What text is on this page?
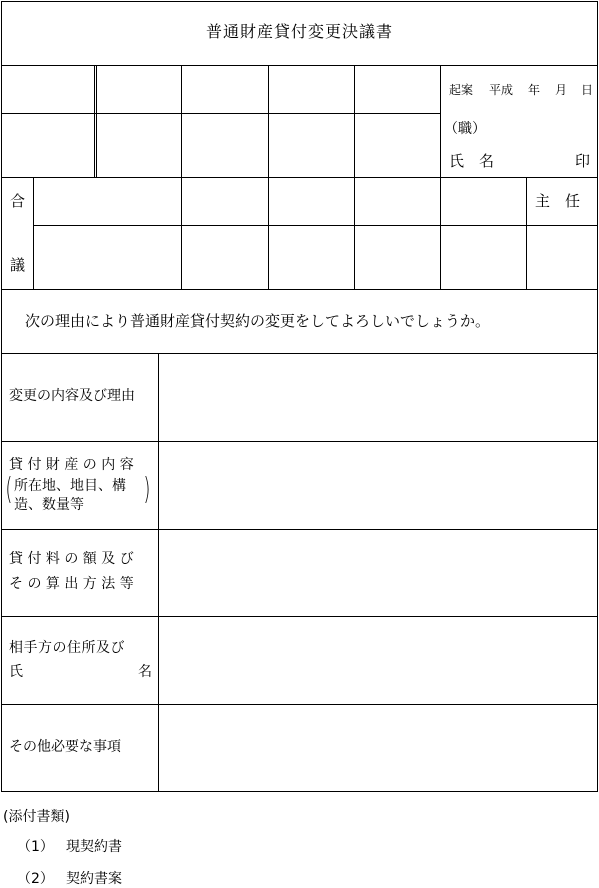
普通財産貸付変更決議書
起案 平成 年 月 日
（職）
氏　名	印
合
議
主　任
次の理由により普通財産貸付契約の変更をしてよろしいでしょうか。
変更の内容及び理由
貸 付 財 産 の 内 容
( 所在地、地目、構
造、数量等 )
貸 付 料 の 額 及 び
そ の 算 出 方 法 等
相手方の住所及び
氏	名
その他必要な事項
(添付書類)
（1） 現契約書
（2） 契約書案
